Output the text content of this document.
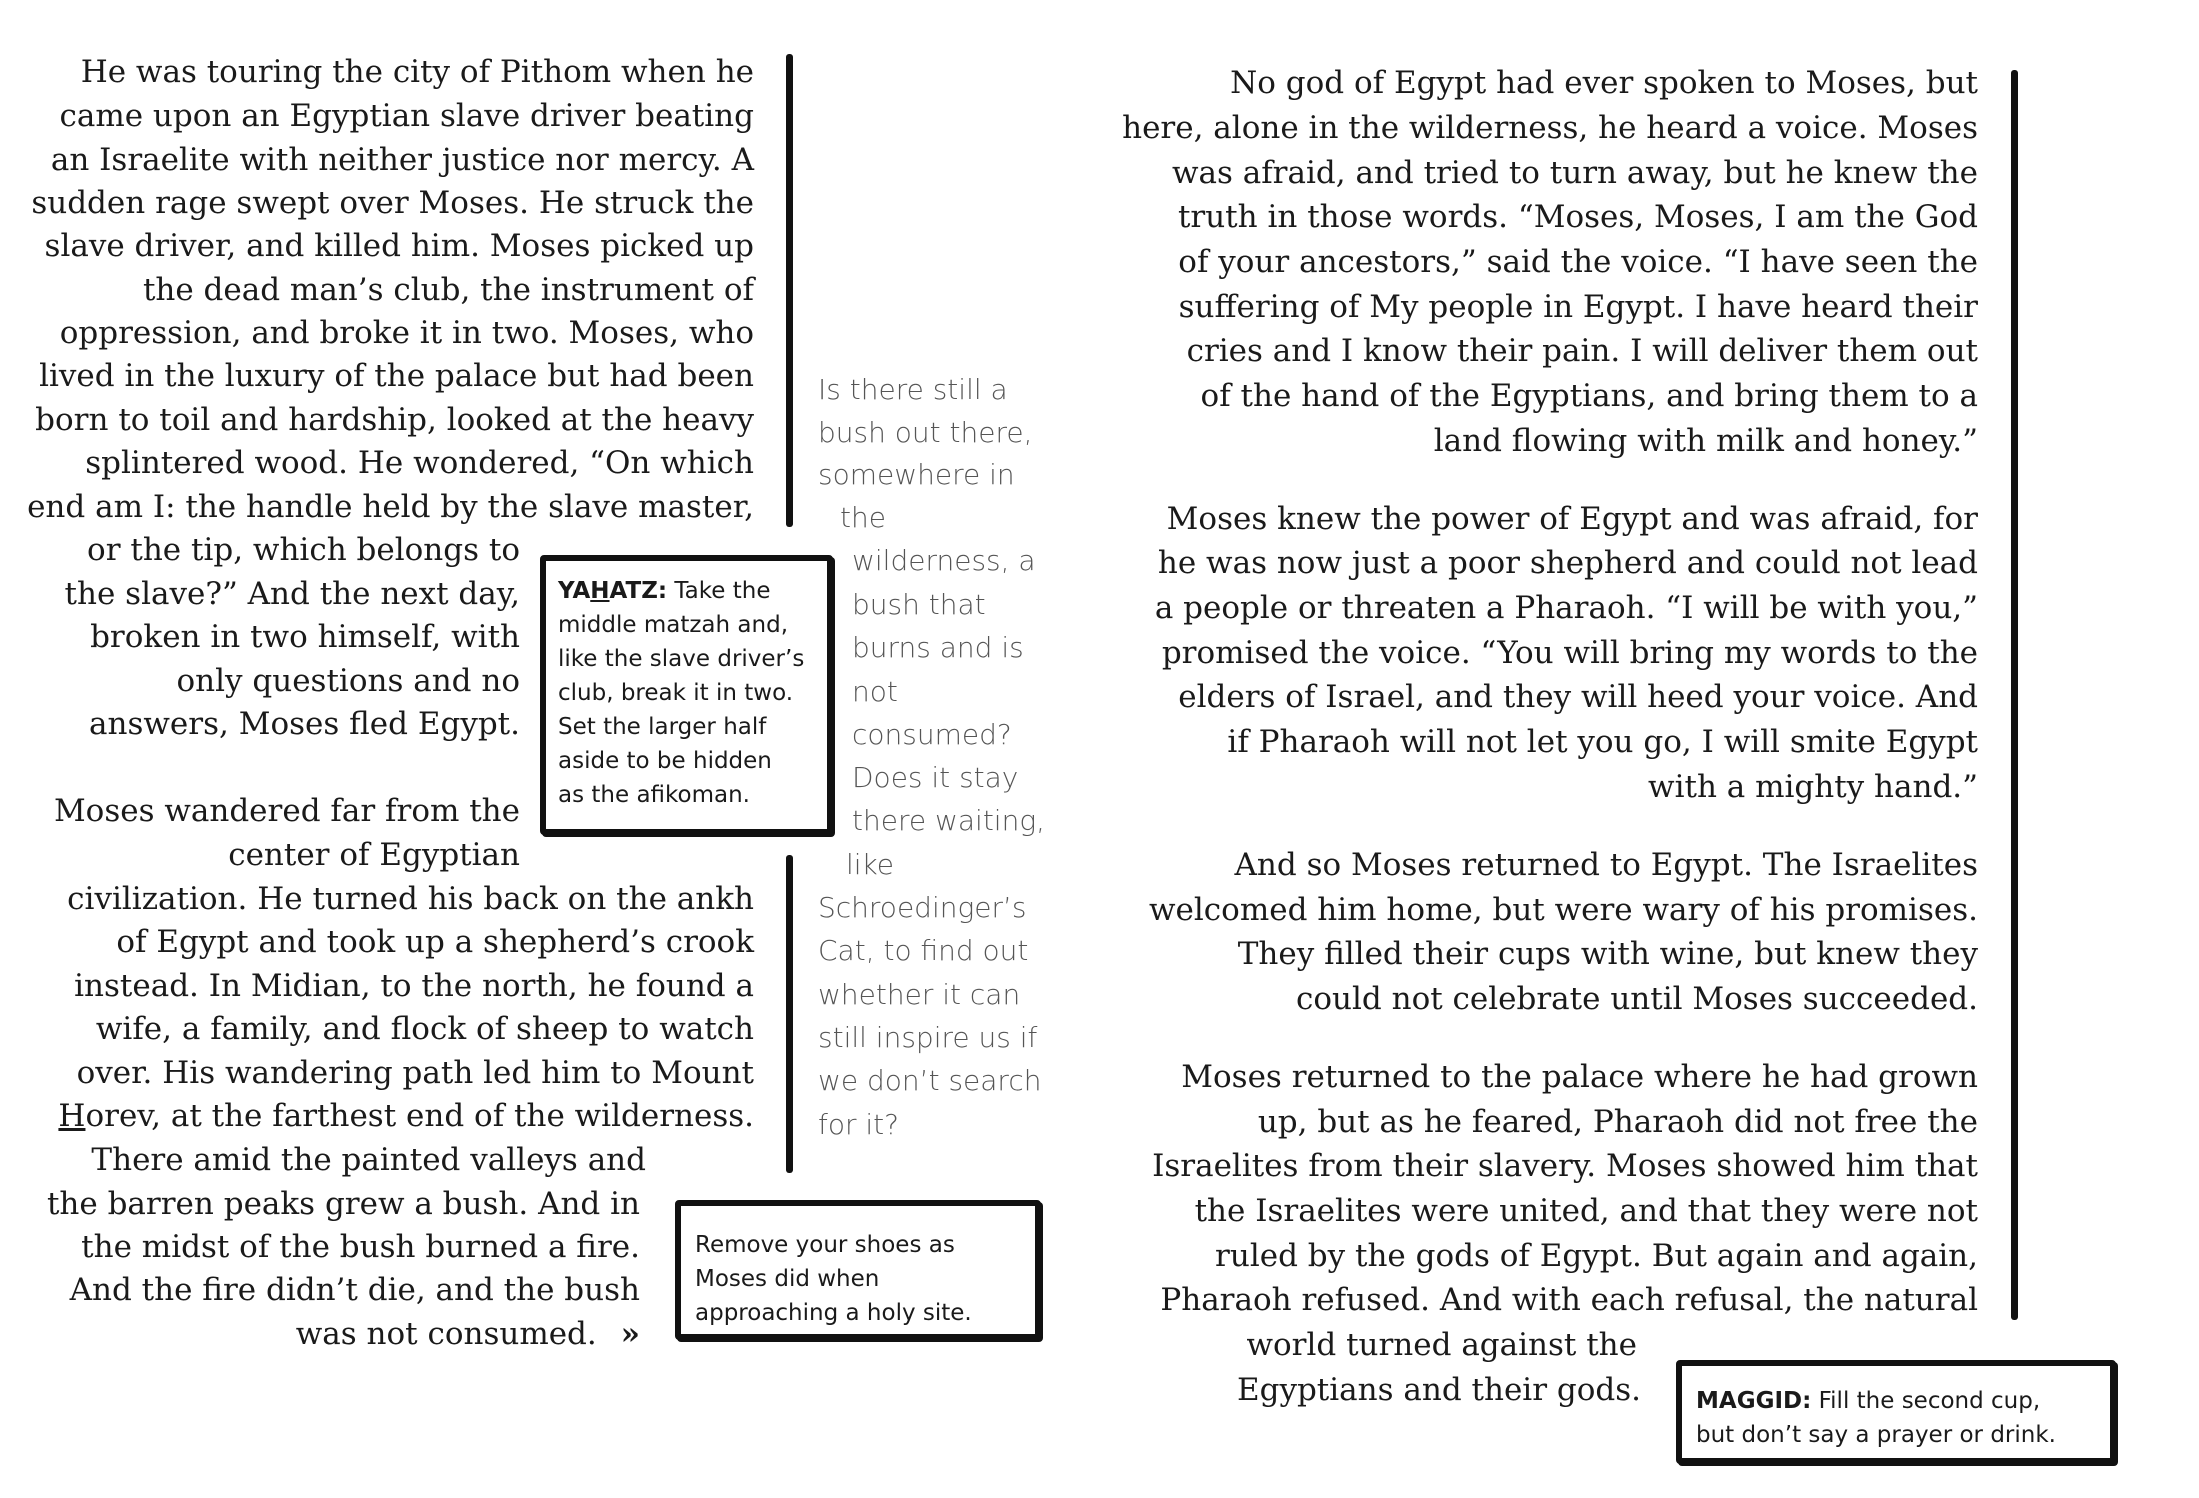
He was touring the city of Pithom when he
came upon an Egyptian slave driver beating
an Israelite with neither justice nor mercy. A
sudden rage swept over Moses. He struck the
slave driver, and killed him. Moses picked up
the dead man’s club, the instrument of
oppression, and broke it in two. Moses, who
lived in the luxury of the palace but had been
born to toil and hardship, looked at the heavy
splintered wood. He wondered, “On which
end am I: the handle held by the slave master,
or the tip, which belongs to
the slave?” And the next day,
broken in two himself, with
only questions and no
answers, Moses fled Egypt.
Moses wandered far from the
center of Egyptian
civilization. He turned his back on the ankh
of Egypt and took up a shepherd’s crook
instead. In Midian, to the north, he found a
wife, a family, and flock of sheep to watch
over. His wandering path led him to Mount
Horev, at the farthest end of the wilderness.
There amid the painted valleys and
the barren peaks grew a bush. And in
the midst of the bush burned a fire.
And the fire didn’t die, and the bush
was not consumed. »
YAHATZ: Take the
middle matzah and,
like the slave driver’s
club, break it in two.
Set the larger half
aside to be hidden
as the afikoman.
Remove your shoes as
Moses did when
approaching a holy site.
Is there still a
bush out there,
somewhere in
the
wilderness, a
bush that
burns and is
not
consumed?
Does it stay
there waiting,
like
Schroedinger’s
Cat, to find out
whether it can
still inspire us if
we don’t search
for it?
No god of Egypt had ever spoken to Moses, but
here, alone in the wilderness, he heard a voice. Moses
was afraid, and tried to turn away, but he knew the
truth in those words. “Moses, Moses, I am the God
of your ancestors,” said the voice. “I have seen the
suffering of My people in Egypt. I have heard their
cries and I know their pain. I will deliver them out
of the hand of the Egyptians, and bring them to a
land flowing with milk and honey.”
Moses knew the power of Egypt and was afraid, for
he was now just a poor shepherd and could not lead
a people or threaten a Pharaoh. “I will be with you,”
promised the voice. “You will bring my words to the
elders of Israel, and they will heed your voice. And
if Pharaoh will not let you go, I will smite Egypt
with a mighty hand.”
And so Moses returned to Egypt. The Israelites
welcomed him home, but were wary of his promises.
They filled their cups with wine, but knew they
could not celebrate until Moses succeeded.
Moses returned to the palace where he had grown
up, but as he feared, Pharaoh did not free the
Israelites from their slavery. Moses showed him that
the Israelites were united, and that they were not
ruled by the gods of Egypt. But again and again,
Pharaoh refused. And with each refusal, the natural
world turned against the
Egyptians and their gods. MAGGID: Fill the second cup,
but don’t say a prayer or drink.
